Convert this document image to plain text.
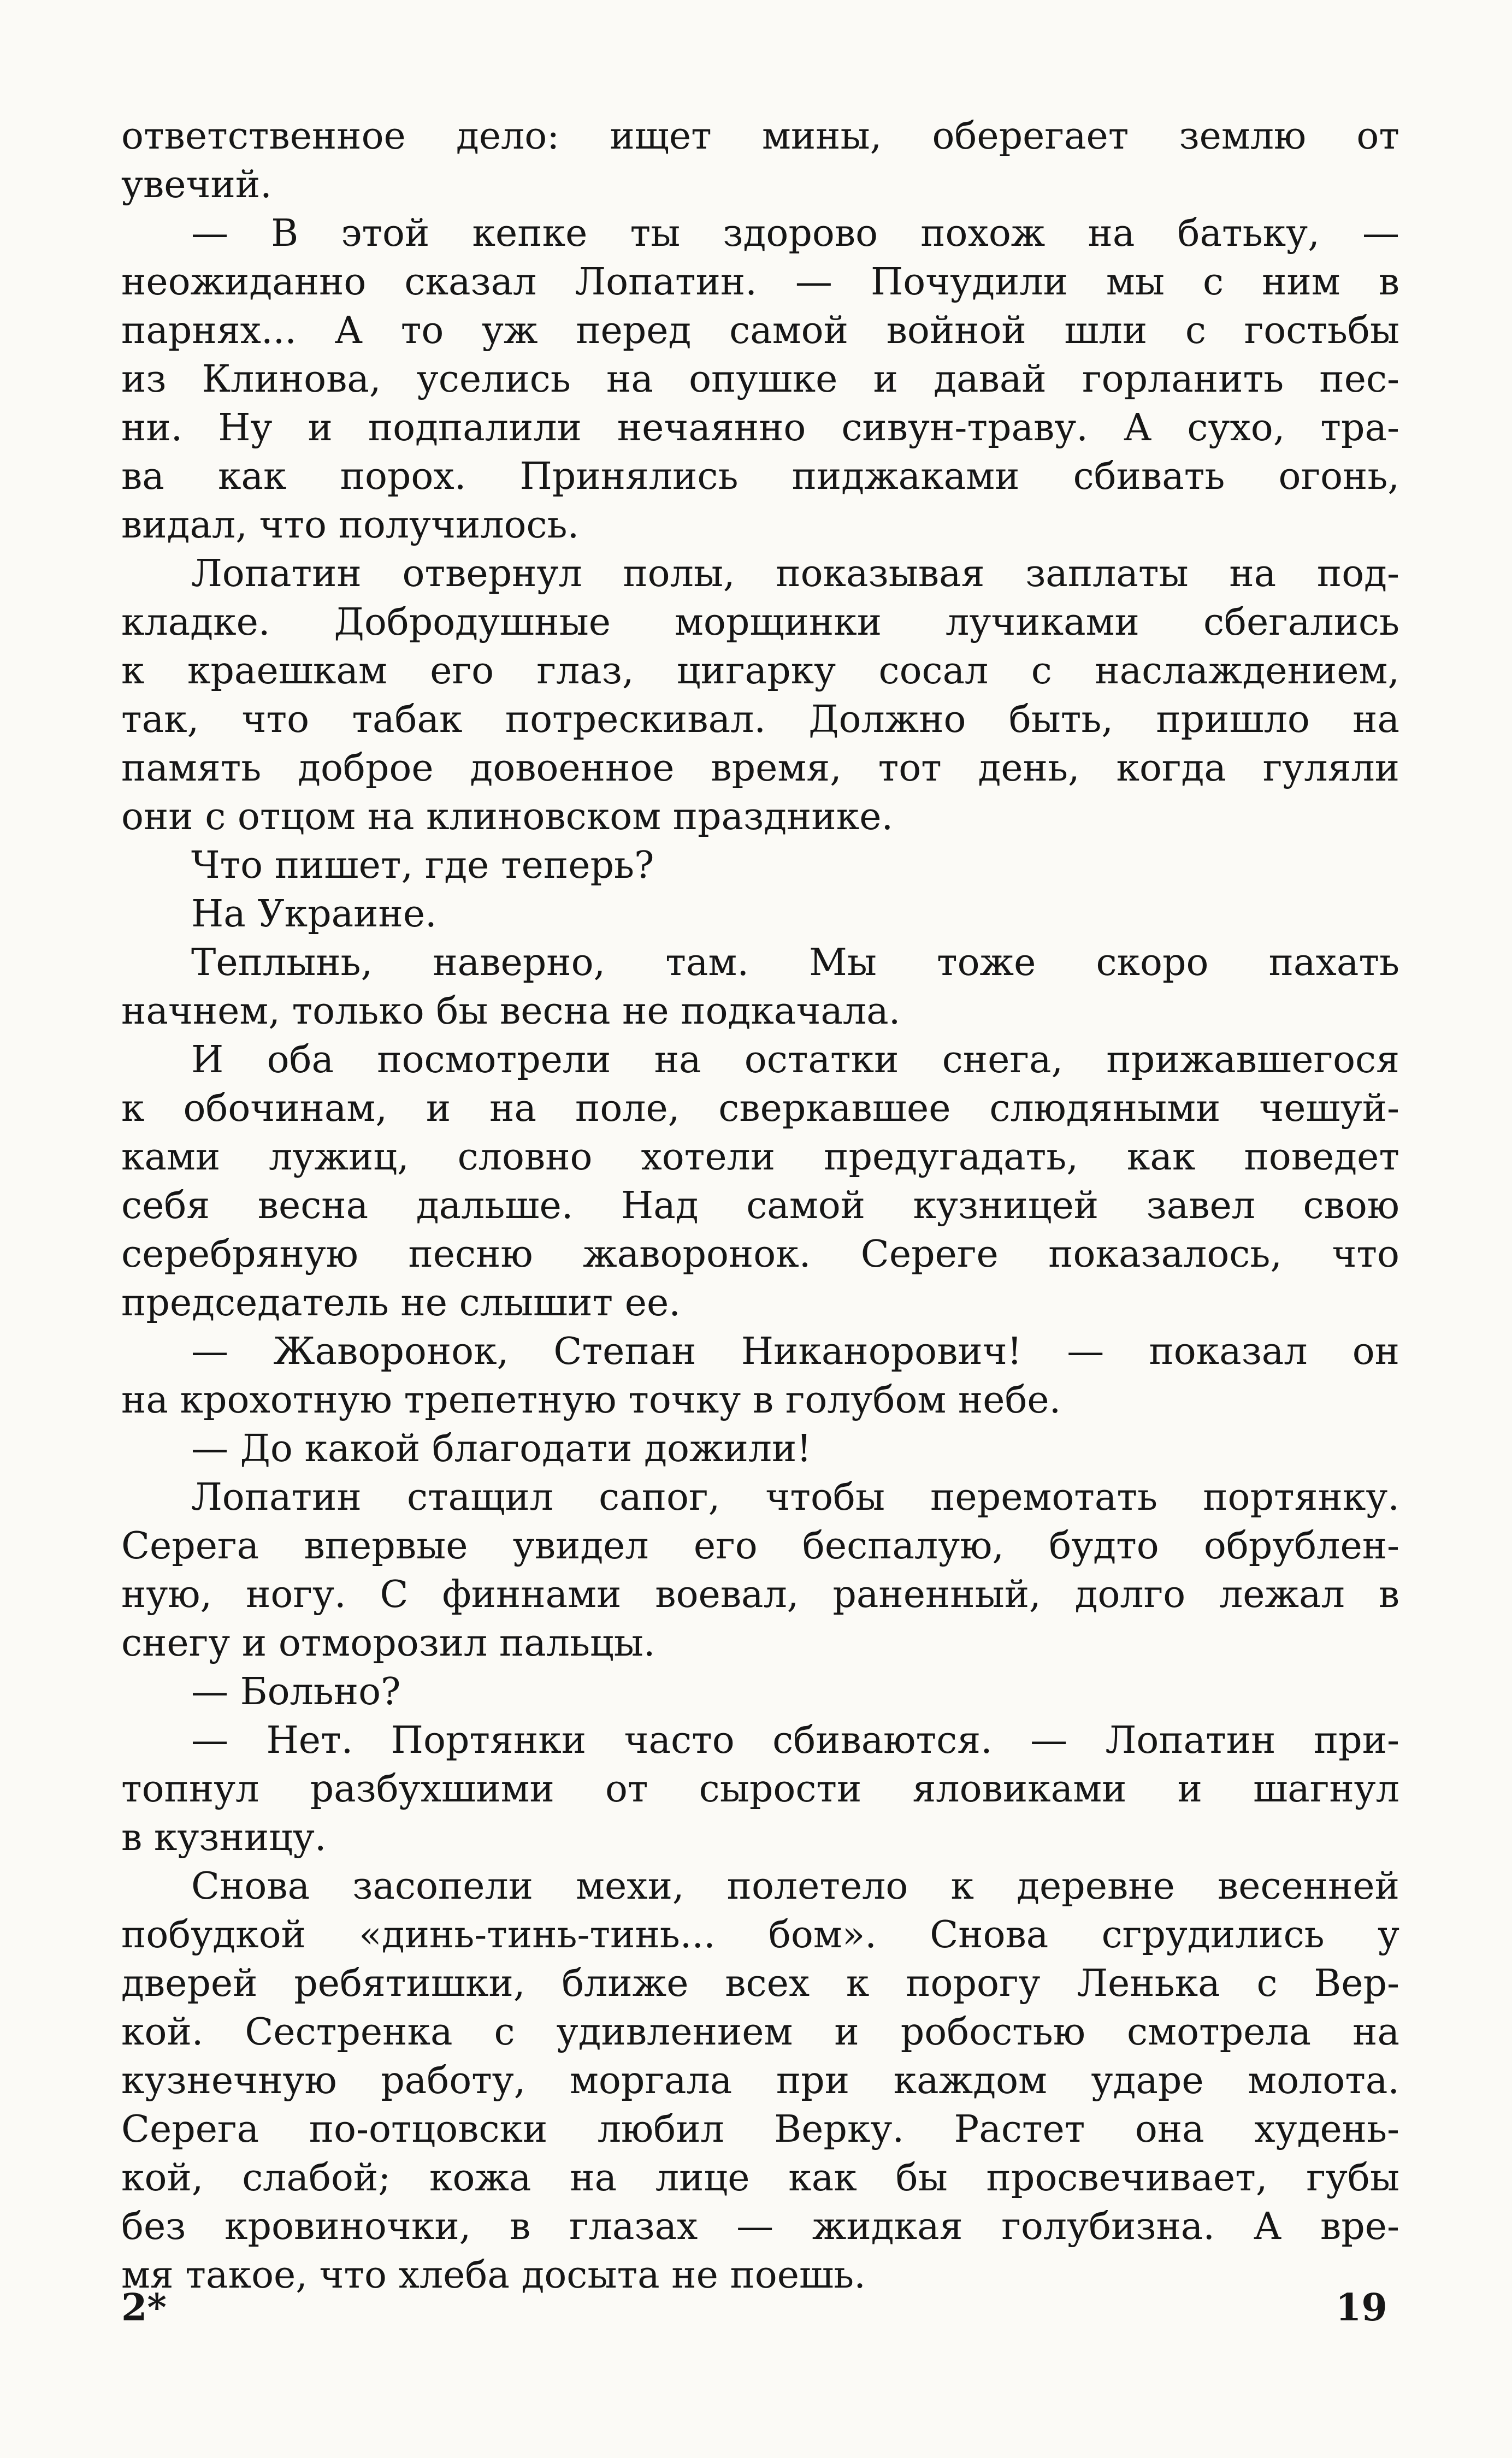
ответственное дело: ищет мины, оберегает землю от
увечий.
— В этой кепке ты здорово похож на батьку, —
неожиданно сказал Лопатин. — Почудили мы с ним в
парнях... А то уж перед самой войной шли с гостьбы
из Клинова, уселись на опушке и давай горланить пес-
ни. Ну и подпалили нечаянно сивун-траву. А сухо, тра-
ва как порох. Принялись пиджаками сбивать огонь,
видал, что получилось.
Лопатин отвернул полы, показывая заплаты на под-
кладке. Добродушные морщинки лучиками сбегались
к краешкам его глаз, цигарку сосал с наслаждением,
так, что табак потрескивал. Должно быть, пришло на
память доброе довоенное время, тот день, когда гуляли
они с отцом на клиновском празднике.
Что пишет, где теперь?
На Украине.
Теплынь, наверно, там. Мы тоже скоро пахать
начнем, только бы весна не подкачала.
И оба посмотрели на остатки снега, прижавшегося
к обочинам, и на поле, сверкавшее слюдяными чешуй-
ками лужиц, словно хотели предугадать, как поведет
себя весна дальше. Над самой кузницей завел свою
серебряную песню жаворонок. Сереге показалось, что
председатель не слышит ее.
— Жаворонок, Степан Никанорович! — показал он
на крохотную трепетную точку в голубом небе.
— До какой благодати дожили!
Лопатин стащил сапог, чтобы перемотать портянку.
Серега впервые увидел его беспалую, будто обрублен-
ную, ногу. С финнами воевал, раненный, долго лежал в
снегу и отморозил пальцы.
— Больно?
— Нет. Портянки часто сбиваются. — Лопатин при-
топнул разбухшими от сырости яловиками и шагнул
в кузницу.
Снова засопели мехи, полетело к деревне весенней
побудкой «динь-тинь-тинь... бом». Снова сгрудились у
дверей ребятишки, ближе всех к порогу Ленька с Вер-
кой. Сестренка с удивлением и робостью смотрела на
кузнечную работу, моргала при каждом ударе молота.
Серега по-отцовски любил Верку. Растет она худень-
кой, слабой; кожа на лице как бы просвечивает, губы
без кровиночки, в глазах — жидкая голубизна. А вре-
мя такое, что хлеба досыта не поешь.
2*	19
